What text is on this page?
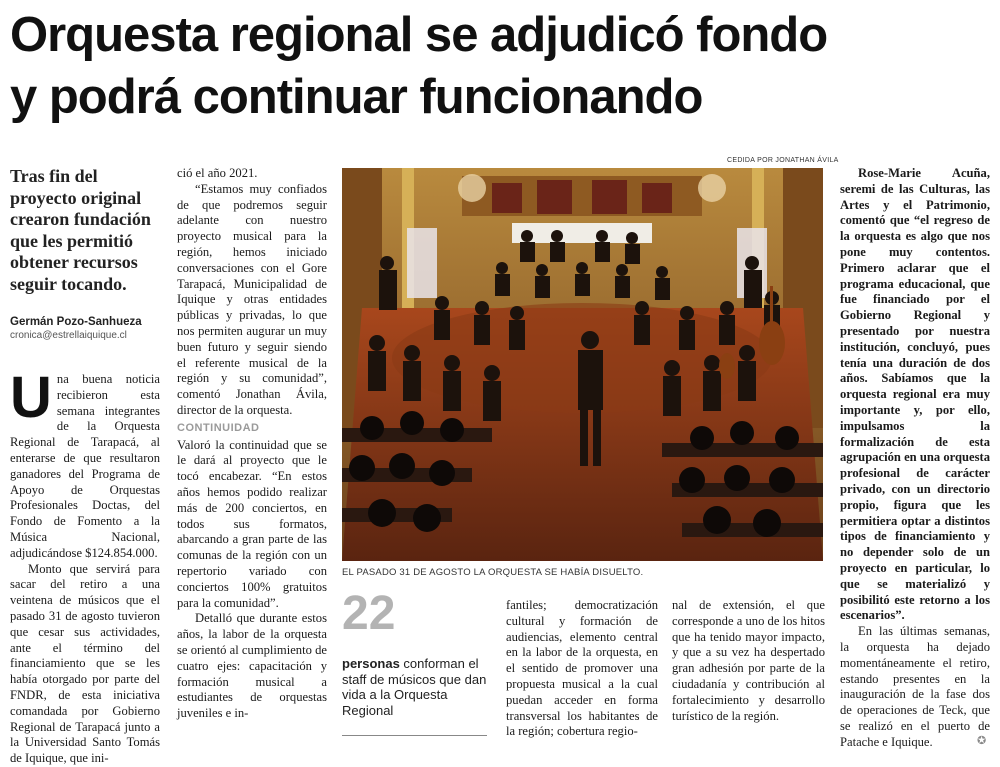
Orquesta regional se adjudicó fondo
y podrá continuar funcionando

Tras fin del proyecto original crearon fundación que les permitió obtener recursos seguir tocando.

Germán Pozo-Sanhueza
cronica@estrellaiquique.cl
U na buena noticia recibieron esta semana integrantes de la Orquesta Regional de Tarapacá, al enterarse de que resultaron ganadores del Programa de Apoyo de Orquestas Profesionales Doctas, del Fondo de Fomento a la Música Nacional, adjudicándose $124.854.000.

Monto que servirá para sacar del retiro a una veintena de músicos que el pasado 31 de agosto tuvieron que cesar sus actividades, ante el término del financiamiento que se les había otorgado por parte del FNDR, de esta iniciativa comandada por Gobierno Regional de Tarapacá junto a la Universidad Santo Tomás de Iquique, que ini-

ció el año 2021.

“Estamos muy confiados de que podremos seguir adelante con nuestro proyecto musical para la región, hemos iniciado conversaciones con el Gore Tarapacá, Municipalidad de Iquique y otras entidades públicas y privadas, lo que nos permiten augurar un muy buen futuro y seguir siendo el referente musical de la región y su comunidad”, comentó Jonathan Ávila, director de la orquesta.

CONTINUIDAD

Valoró la continuidad que se le dará al proyecto que le tocó encabezar. “En estos años hemos podido realizar más de 200 conciertos, en todos sus formatos, abarcando a gran parte de las comunas de la región con un repertorio variado con conciertos 100% gratuitos para la comunidad”.

Detalló que durante estos años, la labor de la orquesta se orientó al cumplimiento de cuatro ejes: capacitación y formación musical a estudiantes de orquestas juveniles e in-

CEDIDA POR JONATHAN ÁVILA
EL PASADO 31 DE AGOSTO LA ORQUESTA SE HABÍA DISUELTO.
22
personas conforman el staff de músicos que dan vida a la Orquesta Regional

fantiles; democratización cultural y formación de audiencias, elemento central en la labor de la orquesta, en el sentido de promover una propuesta musical a la cual puedan acceder en forma transversal los habitantes de la región; cobertura regio-

nal de extensión, el que corresponde a uno de los hitos que ha tenido mayor impacto, y que a su vez ha despertado gran adhesión por parte de la ciudadanía y contribución al fortalecimiento y desarrollo turístico de la región.

Rose-Marie Acuña, seremi de las Culturas, las Artes y el Patrimonio, comentó que “el regreso de la orquesta es algo que nos pone muy contentos. Primero aclarar que el programa educacional, que fue financiado por el Gobierno Regional y presentado por nuestra institución, concluyó, pues tenía una duración de dos años. Sabíamos que la orquesta regional era muy importante y, por ello, impulsamos la formalización de esta agrupación en una orquesta profesional de carácter privado, con un directorio propio, figura que les permitiera optar a distintos tipos de financiamiento y no depender solo de un proyecto en particular, lo que se materializó y posibilitó este retorno a los escenarios”.

En las últimas semanas, la orquesta ha dejado momentáneamente el retiro, estando presentes en la inauguración de la fase dos de operaciones de Teck, que se realizó en el puerto de Patache e Iquique.	✪
